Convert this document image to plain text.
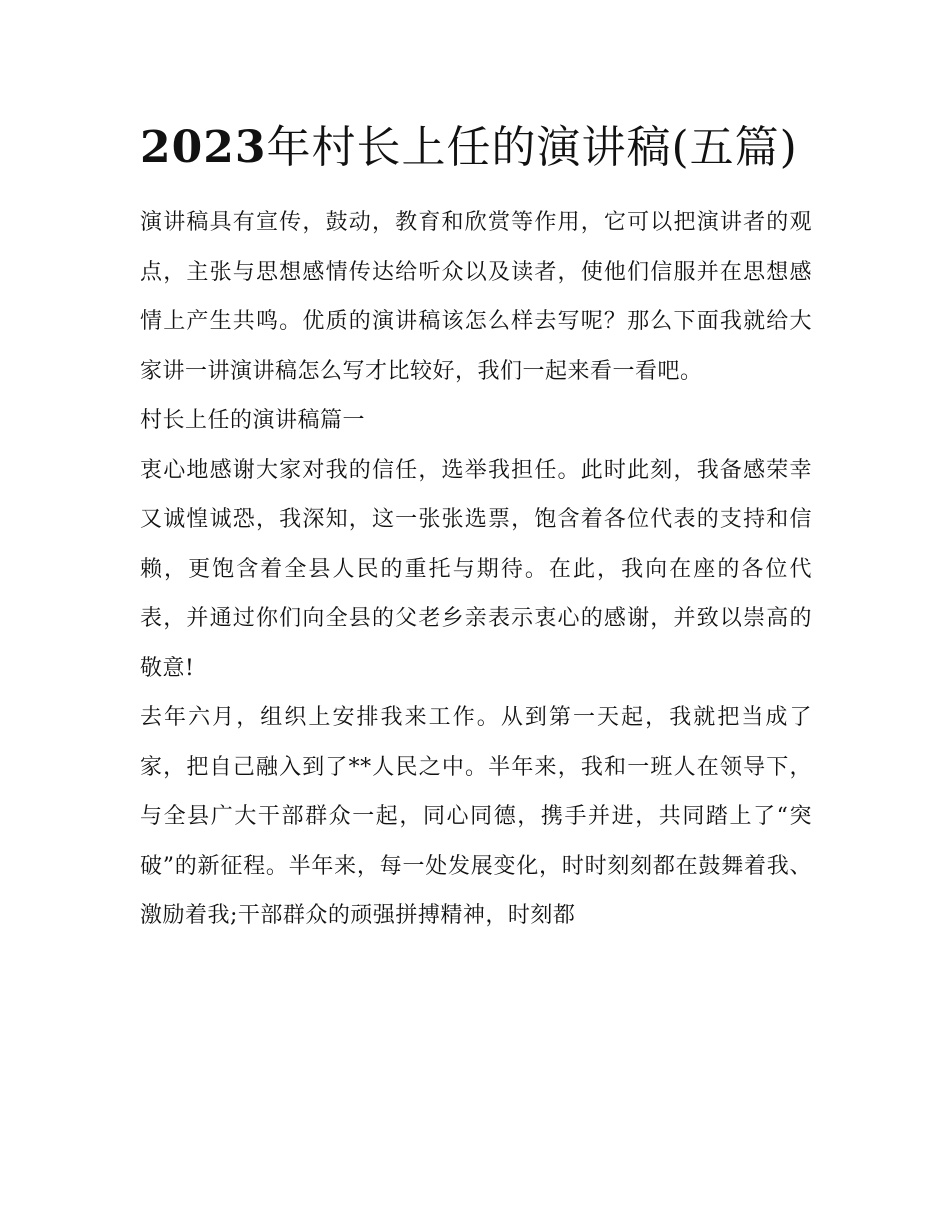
2023年村长上任的演讲稿(五篇)

演讲稿具有宣传，鼓动，教育和欣赏等作用，它可以把演讲者的观点，主张与思想感情传达给听众以及读者，使他们信服并在思想感情上产生共鸣。优质的演讲稿该怎么样去写呢？那么下面我就给大家讲一讲演讲稿怎么写才比较好，我们一起来看一看吧。

村长上任的演讲稿篇一

衷心地感谢大家对我的信任，选举我担任。此时此刻，我备感荣幸又诚惶诚恐，我深知，这一张张选票，饱含着各位代表的支持和信赖，更饱含着全县人民的重托与期待。在此，我向在座的各位代表，并通过你们向全县的父老乡亲表示衷心的感谢，并致以崇高的敬意!

去年六月，组织上安排我来工作。从到第一天起，我就把当成了家，把自己融入到了**人民之中。半年来，我和一班人在领导下，与全县广大干部群众一起，同心同德，携手并进，共同踏上了“突破”的新征程。半年来，每一处发展变化，时时刻刻都在鼓舞着我、激励着我;干部群众的顽强拼搏精神，时刻都
